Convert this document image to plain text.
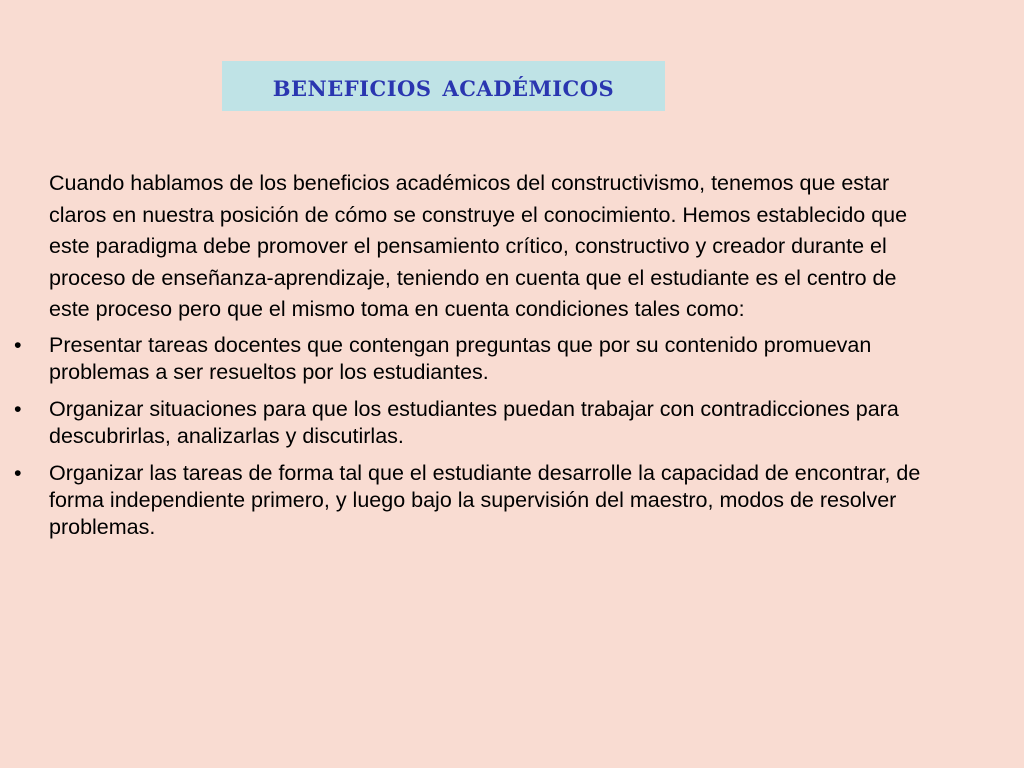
beneficios académicos

Cuando hablamos de los beneficios académicos del constructivismo, tenemos que estar claros en nuestra posición de cómo se construye el conocimiento. Hemos establecido que este paradigma debe promover el pensamiento crítico, constructivo y creador durante el proceso de enseñanza-aprendizaje, teniendo en cuenta que el estudiante es el centro de este proceso pero que el mismo toma en cuenta condiciones tales como:

• Presentar tareas docentes que contengan preguntas que por su contenido promuevan problemas a ser resueltos por los estudiantes.
• Organizar situaciones para que los estudiantes puedan trabajar con contradicciones para descubrirlas, analizarlas y discutirlas.
• Organizar las tareas de forma tal que el estudiante desarrolle la capacidad de encontrar, de forma independiente primero, y luego bajo la supervisión del maestro, modos de resolver problemas.
